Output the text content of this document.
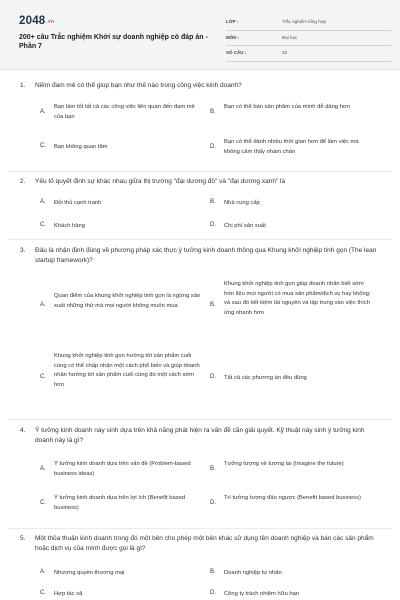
2048.vn
200+ câu Trắc nghiệm Khởi sự doanh nghiệp có đáp án - Phần 7
LỚP :	Trắc nghiệm tổng hợp
MÔN :	Đại học
SỐ CÂU :	25
1. Niềm đam mê có thể giúp bạn như thế nào trong công việc kinh doanh?
A.
Bạn làm tốt tất cả các công việc liên quan đến đam mê của bạn
B.
Bạn có thể bán sản phẩm của mình dễ dàng hơn
C. Bạn không quan tâm	D.
Bạn có thể dành nhiều thời gian hơn để làm việc mà không cảm thấy nhàm chán
2. Yếu tố quyết định sự khác nhau giữa thị trường "đại dương đỏ" và "đại dương xanh" là
A. Đối thủ cạnh tranh	B. Nhà cung cấp
C. Khách hàng	D. Chi phí sản xuất
3. Đâu là nhận định đúng về phương pháp xác thực ý tưởng kinh doanh thông qua Khung khởi nghiệp tinh gọn (The lean startup framework)?
A.
Quan điểm của khung khởi nghiệp tinh gọn là ngừng sản xuất những thứ mà mọi người không muốn mua	B.
Khung khởi nghiệp tinh gọn giúp doanh nhân biết sớm hơn liệu mọi người có mua sản phẩm/dịch vụ hay không; và sau đó tiết kiệm tài nguyên và tập trung vào việc thích ứng nhanh hơn
C.
Khung khởi nghiệp tinh gọn hướng tới sản phẩm cuối cùng có thể chấp nhận một cách phổ biến và giúp doanh nhân hướng tới sản phẩm cuối cùng đó một cách sớm hơn
D. Tất cả các phương án đều đúng
4. Ý tưởng kinh doanh này sinh dựa trên khả năng phát hiện ra vấn đề cần giải quyết. Kỹ thuật này sinh ý tưởng kinh doanh này là gì?
A.
Ý tưởng kinh doanh dựa trên vấn đề (Problem-based business ideas)
B.
Tưởng tượng về tương lai (Imagine the future)
C.
Ý tưởng kinh doanh dựa trên lợi ích (Benefit based business)
D.
Trí tưởng tượng đảo ngược (Benefit based business)
5. Một thỏa thuận kinh doanh trong đó một bên cho phép một bên khác sử dụng tên doanh nghiệp và bán các sản phẩm hoặc dịch vụ của mình được gọi là gì?
A. Nhượng quyền thương mại	B. Doanh nghiệp tư nhân
C. Hợp tác xã	D. Công ty trách nhiệm hữu hạn
